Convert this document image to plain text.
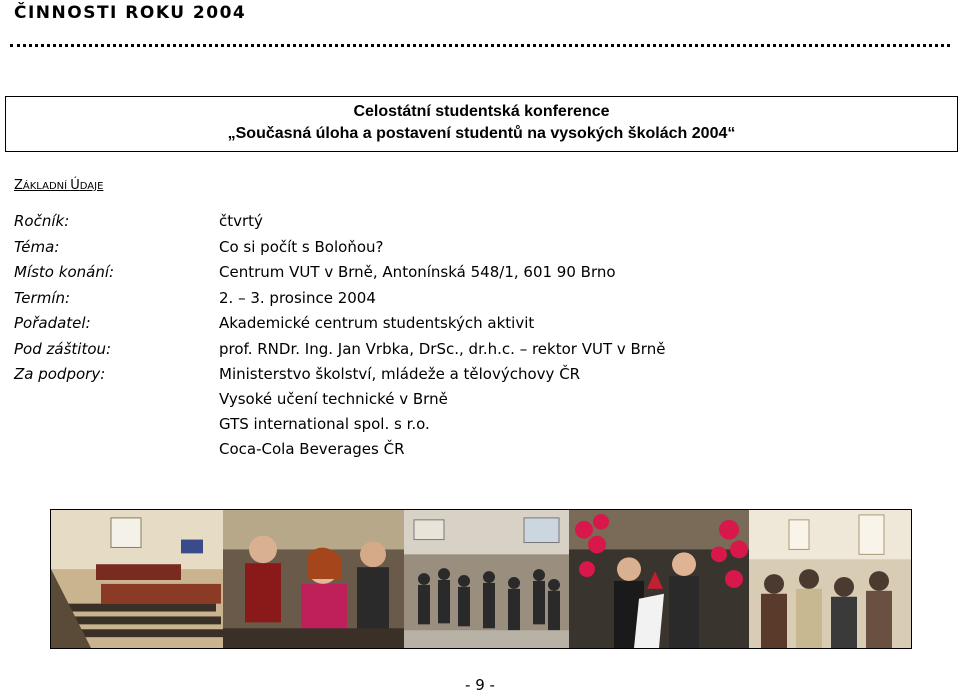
ČINNOSTI ROKU 2004
Celostátní studentská konference
„Současná úloha a postavení studentů na vysokých školách 2004“
ZÁKLADNÍ ÚDAJE
Ročník:	čtvrtý
Téma:	Co si počít s Boloňou?
Místo konání:	Centrum VUT v Brně, Antonínská 548/1, 601 90 Brno
Termín:	2. – 3. prosince 2004
Pořadatel:	Akademické centrum studentských aktivit
Pod záštitou:	prof. RNDr. Ing. Jan Vrbka, DrSc., dr.h.c. – rektor VUT v Brně
Za podpory:	Ministerstvo školství, mládeže a tělovýchovy ČR
Vysoké učení technické v Brně
GTS international spol. s r.o.
Coca-Cola Beverages ČR
- 9 -
